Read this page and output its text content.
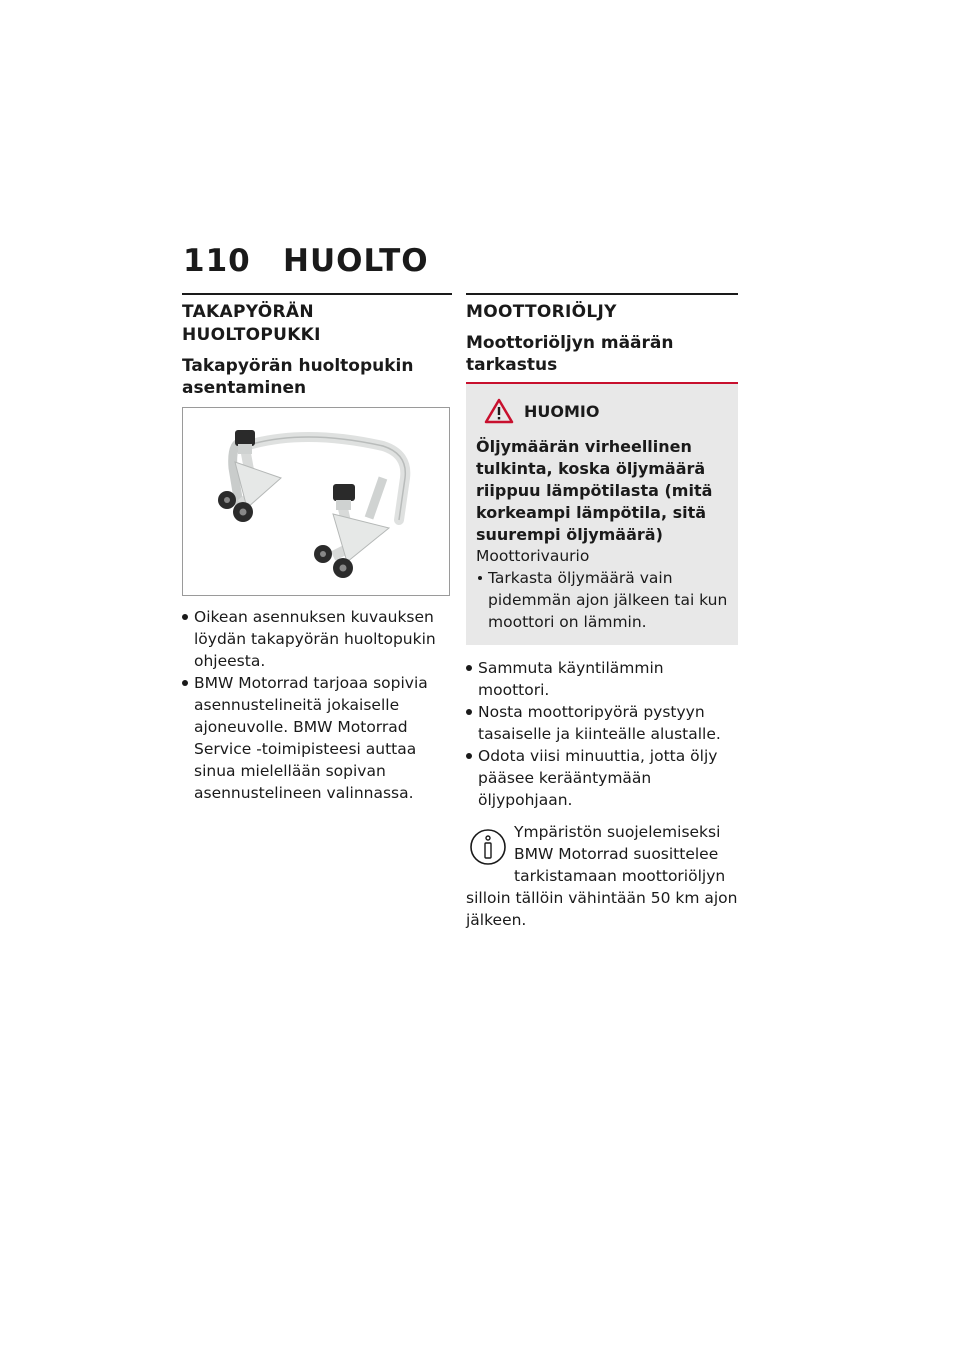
110	HUOLTO
TAKAPYÖRÄN
HUOLTOPUKKI
Takapyörän huoltopukin
asentaminen
Oikean asennuksen kuvauksen löydän takapyörän huoltopukin ohjeesta.
BMW Motorrad tarjoaa sopivia asennustelineitä jokaiselle ajoneuvolle. BMW Motorrad Service -toimipisteesi auttaa sinua mielellään sopivan asennustelineen valinnassa.
MOOTTORIÖLJY
Moottoriöljyn määrän
tarkastus
HUOMIO
Öljymäärän virheellinen tulkinta, koska öljymäärä riippuu lämpötilasta (mitä korkeampi lämpötila, sitä suurempi öljymäärä)
Moottorivaurio
Tarkasta öljymäärä vain pidemmän ajon jälkeen tai kun moottori on lämmin.
Sammuta käyntilämmin moottori.
Nosta moottoripyörä pystyyn tasaiselle ja kiinteälle alustalle.
Odota viisi minuuttia, jotta öljy pääsee kerääntymään öljypohjaan.
Ympäristön suojelemiseksi BMW Motorrad suosittelee tarkistamaan moottoriöljyn silloin tällöin vähintään 50 km ajon jälkeen.
